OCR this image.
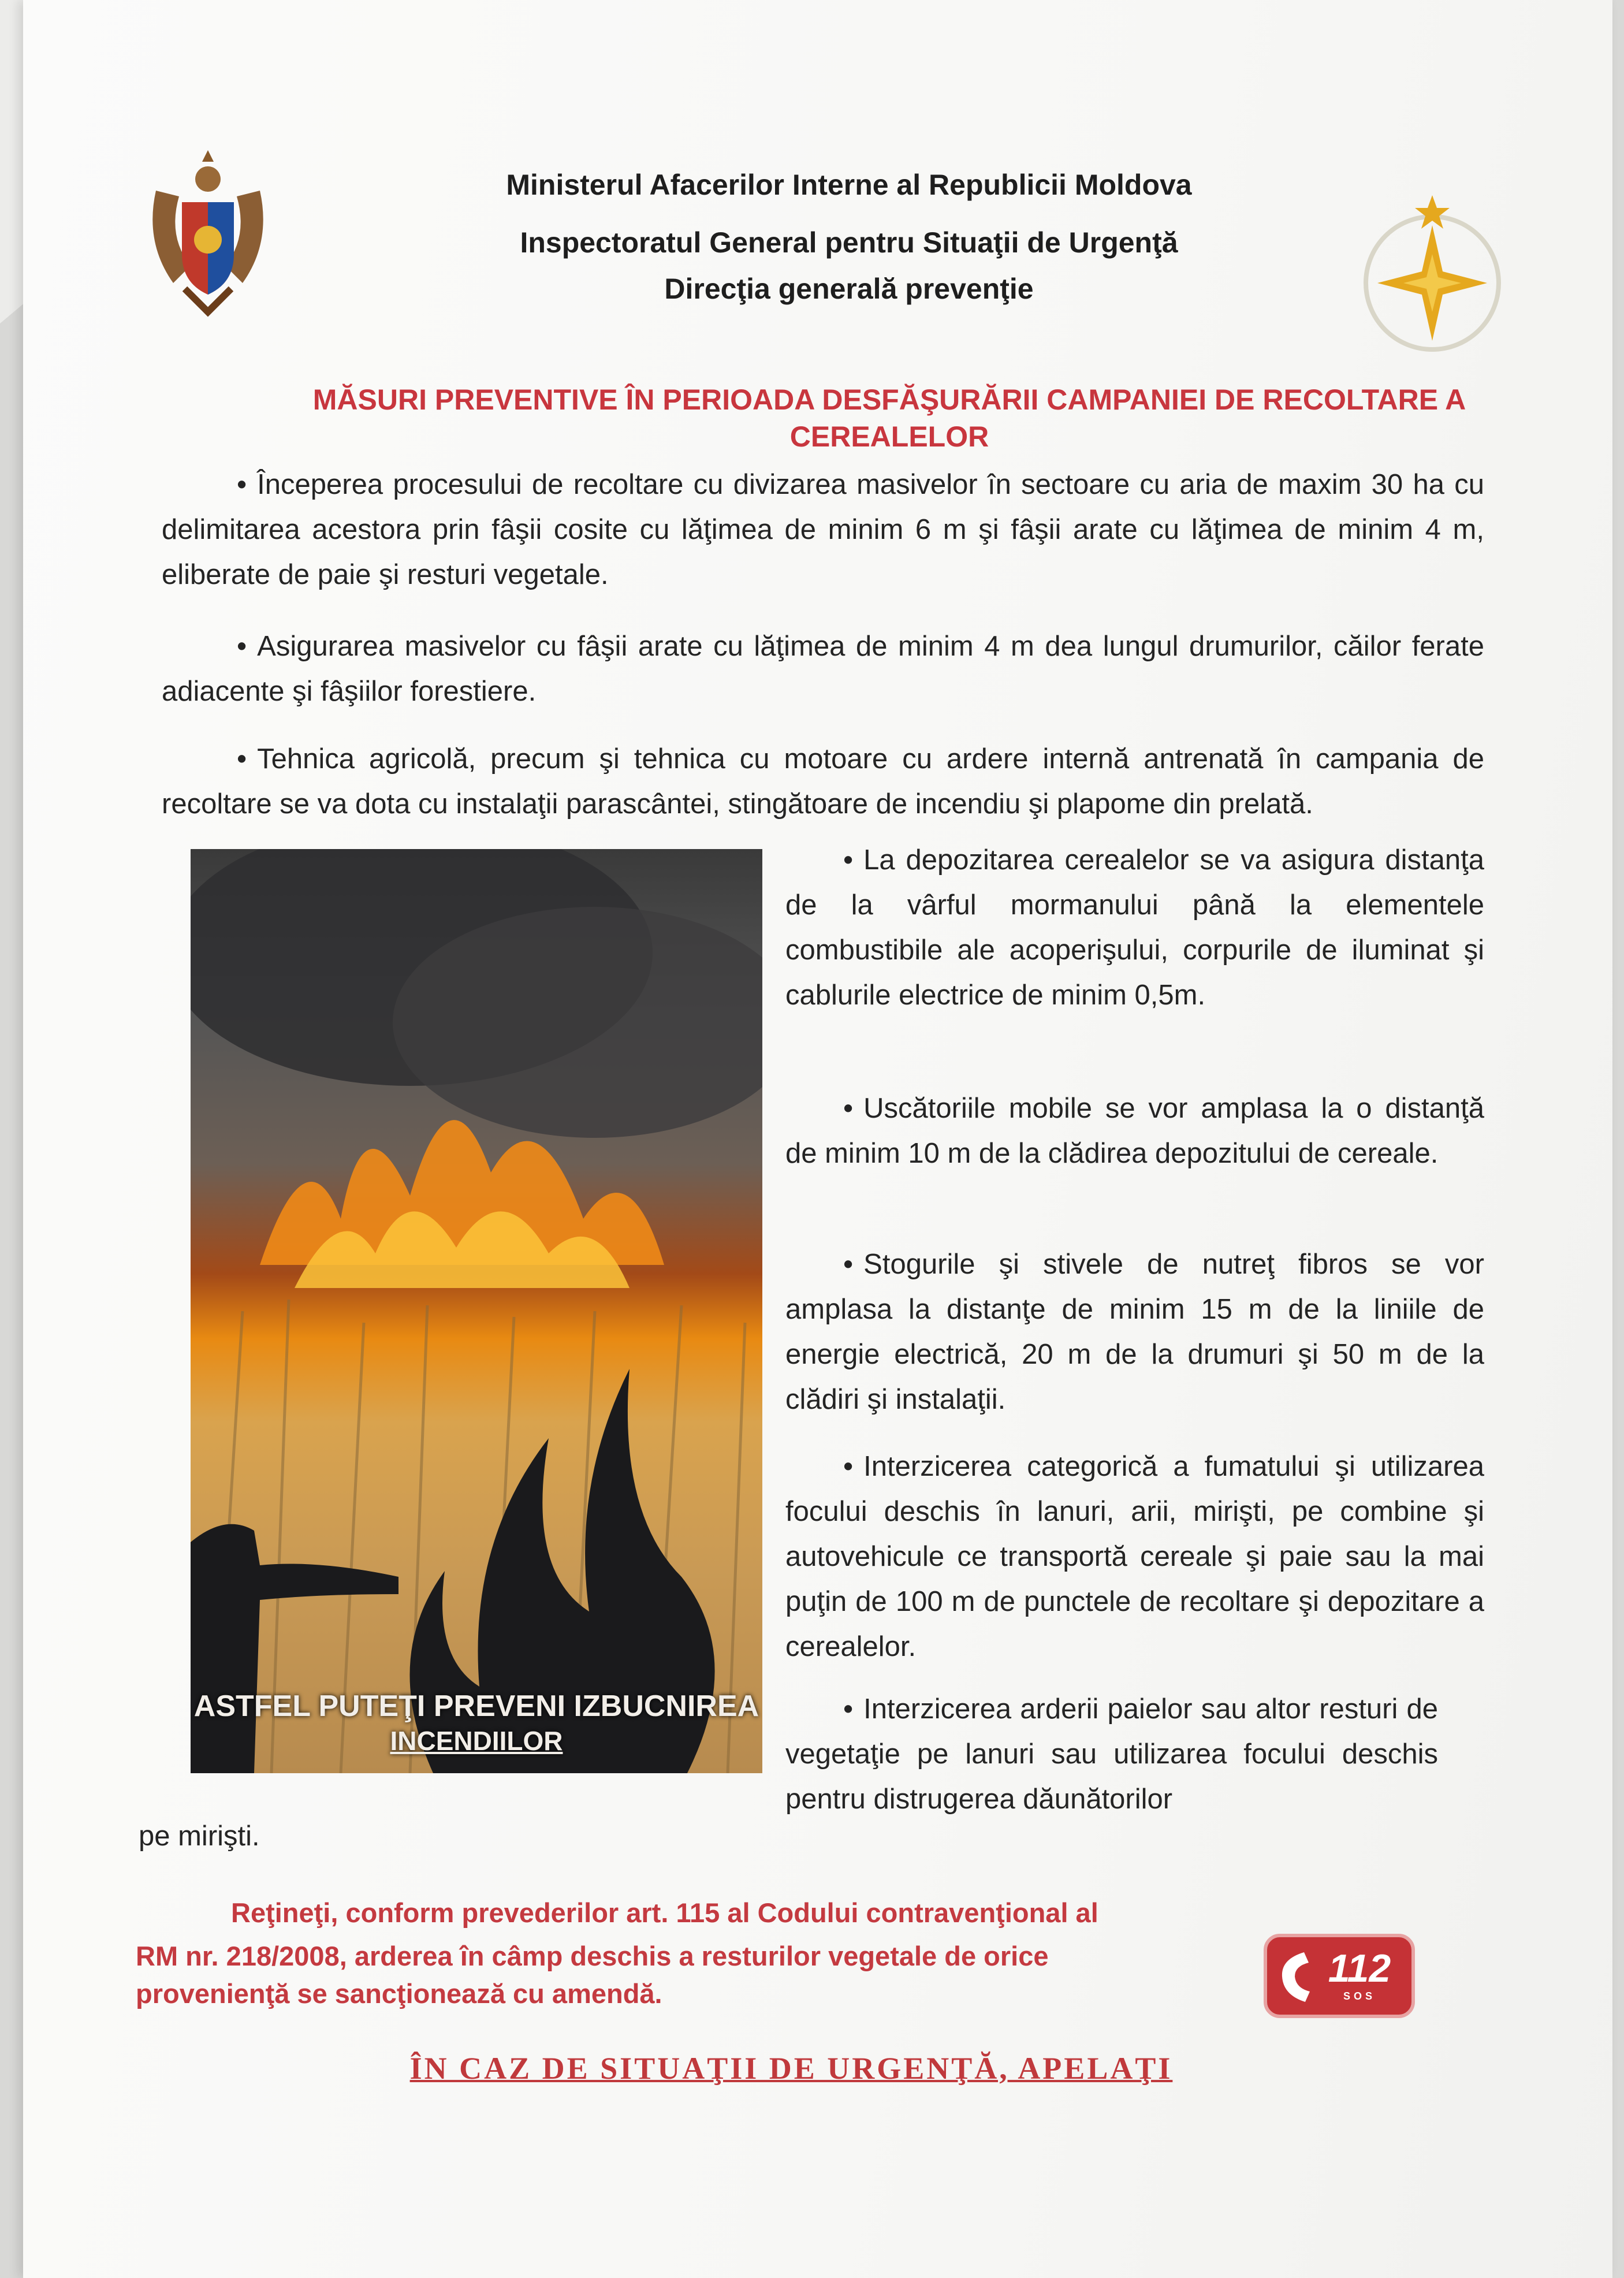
Ministerul Afacerilor Interne al Republicii Moldova
Inspectoratul General pentru Situaţii de Urgenţă
Direcţia generală prevenţie
MĂSURI PREVENTIVE ÎN PERIOADA DESFĂŞURĂRII CAMPANIEI DE RECOLTARE A
CEREALELOR
• Începerea procesului de recoltare cu divizarea masivelor în sectoare cu aria de maxim 30 ha cu delimitarea acestora prin fâşii cosite cu lăţimea de minim 6 m şi fâşii arate cu lăţimea de minim 4 m, eliberate de paie şi resturi vegetale.
• Asigurarea masivelor cu fâşii arate cu lăţimea de minim 4 m dea lungul drumurilor, căilor ferate adiacente şi fâşiilor forestiere.
• Tehnica agricolă, precum şi tehnica cu motoare cu ardere internă antrenată în campania de recoltare se va dota cu instalaţii parascântei, stingătoare de incendiu şi plapome din prelată.
ASTFEL PUTEŢI PREVENI IZBUCNIREA
INCENDIILOR
• La depozitarea cerealelor se va asigura distanţa de la vârful mormanului până la elementele combustibile ale acoperişului, corpurile de iluminat şi cablurile electrice de minim 0,5m.
• Uscătoriile mobile se vor amplasa la o distanţă de minim 10 m de la clădirea depozitului de cereale.
• Stogurile şi stivele de nutreţ fibros se vor amplasa la distanţe de minim 15 m de la liniile de energie electrică, 20 m de la drumuri şi 50 m de la clădiri şi instalaţii.
• Interzicerea categorică a fumatului şi utilizarea focului deschis în lanuri, arii, mirişti, pe combine şi autovehicule ce transportă cereale şi paie sau la mai puţin de 100 m de punctele de recoltare şi depozitare a cerealelor.
• Interzicerea arderii paielor sau altor resturi de vegetaţie pe lanuri sau utilizarea focului deschis pentru distrugerea dăunătorilor
pe mirişti.
Reţineţi, conform prevederilor art. 115 al Codului contravenţional al
RM nr. 218/2008, arderea în câmp deschis a resturilor vegetale de orice
provenienţă se sancţionează cu amendă.
112
SOS
ÎN CAZ DE SITUAŢII DE URGENŢĂ, APELAŢI
